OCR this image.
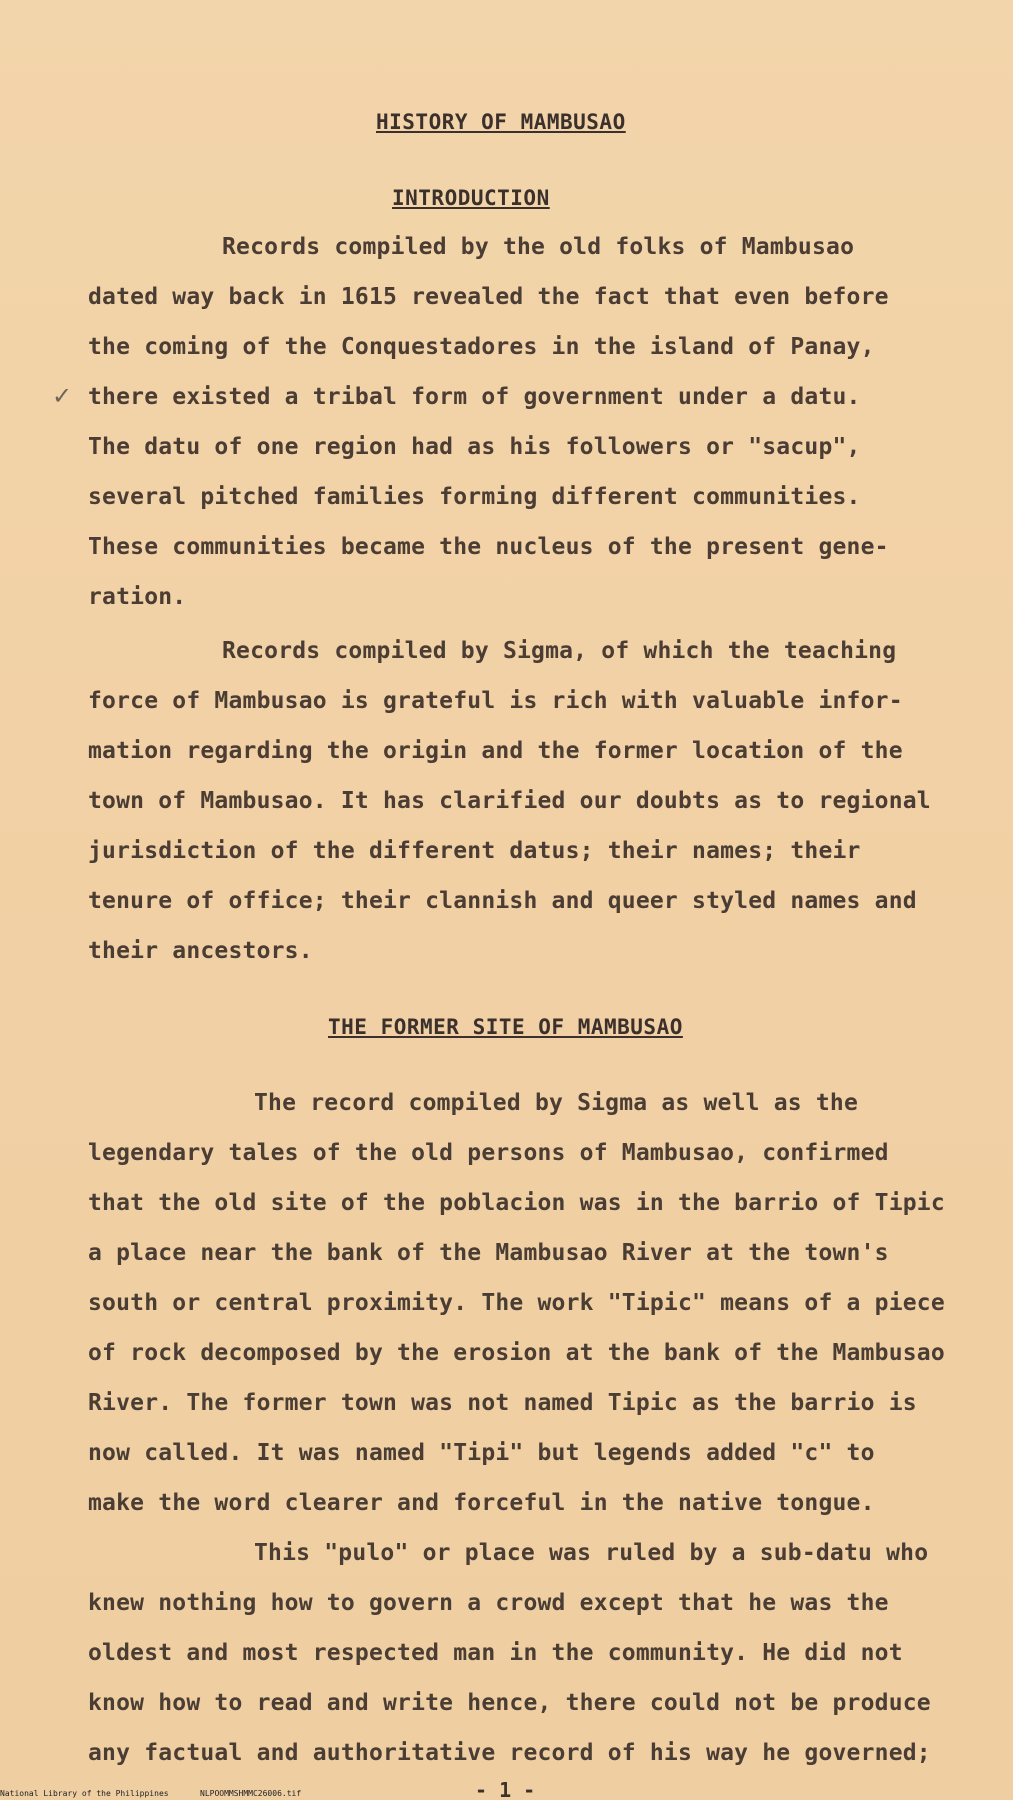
HISTORY OF MAMBUSAO
INTRODUCTION
Records compiled by the old folks of Mambusao
dated way back in 1615 revealed the fact that even before
the coming of the Conquestadores in the island of Panay,
✓ there existed a tribal form of government under a datu.
The datu of one region had as his followers or "sacup",
several pitched families forming different communities.
These communities became the nucleus of the present gene-
ration.
Records compiled by Sigma, of which the teaching
force of Mambusao is grateful is rich with valuable infor-
mation regarding the origin and the former location of the
town of Mambusao. It has clarified our doubts as to regional
jurisdiction of the different datus; their names; their
tenure of office; their clannish and queer styled names and
their ancestors.
THE FORMER SITE OF MAMBUSAO
The record compiled by Sigma as well as the
legendary tales of the old persons of Mambusao, confirmed
that the old site of the poblacion was in the barrio of Tipic
a place near the bank of the Mambusao River at the town's
south or central proximity. The work "Tipic" means of a piece
of rock decomposed by the erosion at the bank of the Mambusao
River. The former town was not named Tipic as the barrio is
now called. It was named "Tipi" but legends added "c" to
make the word clearer and forceful in the native tongue.
This "pulo" or place was ruled by a sub-datu who
knew nothing how to govern a crowd except that he was the
oldest and most respected man in the community. He did not
know how to read and write hence, there could not be produce
any factual and authoritative record of his way he governed;
- 1 -
National Library of the Philippines	NLPOOMMSHMMC26006.tif
